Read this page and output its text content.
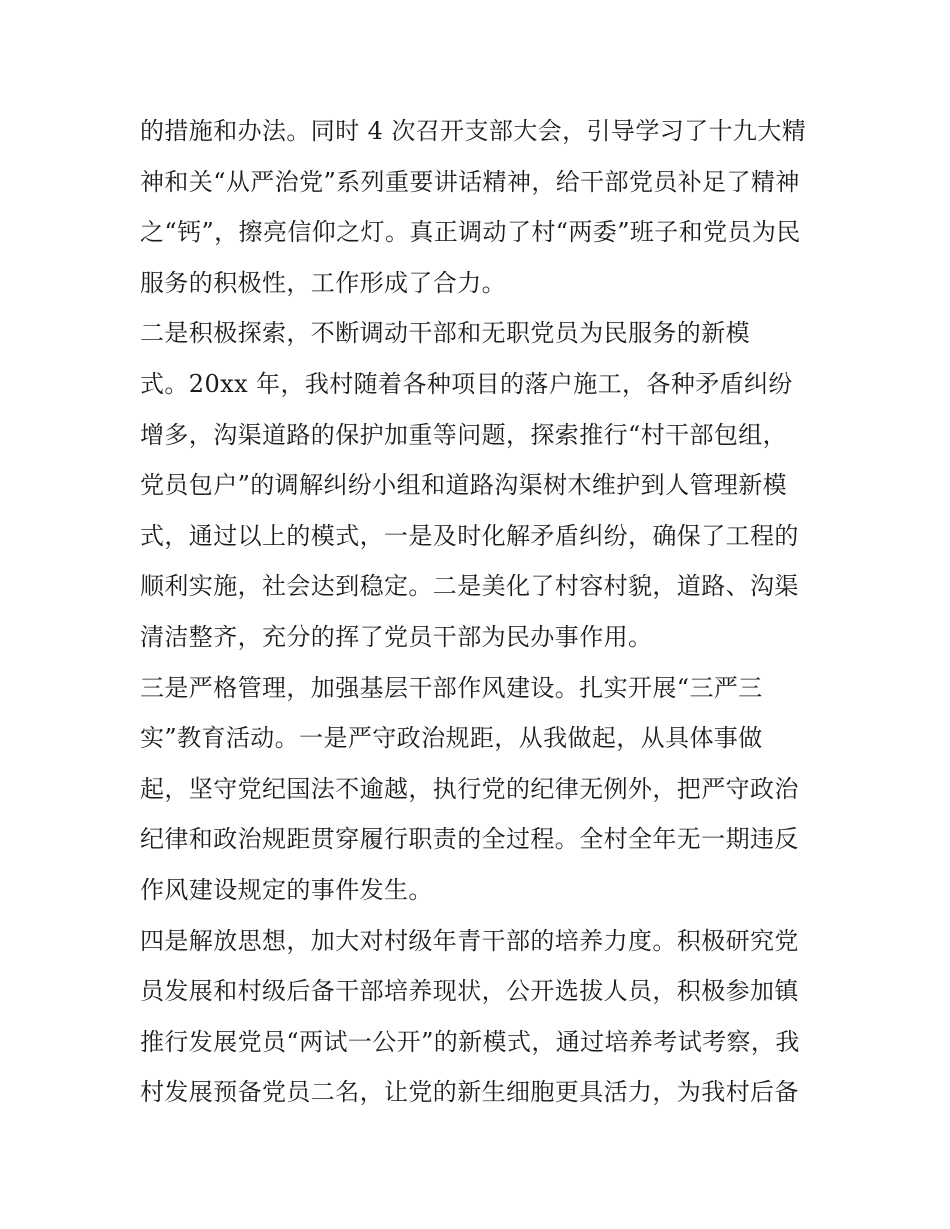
的措施和办法。同时 4 次召开支部大会，引导学习了十九大精
神和关“从严治党”系列重要讲话精神，给干部党员补足了精神
之“钙”，擦亮信仰之灯。真正调动了村“两委”班子和党员为民
服务的积极性，工作形成了合力。
二是积极探索，不断调动干部和无职党员为民服务的新模
式。20xx 年，我村随着各种项目的落户施工，各种矛盾纠纷
增多，沟渠道路的保护加重等问题，探索推行“村干部包组，
党员包户”的调解纠纷小组和道路沟渠树木维护到人管理新模
式，通过以上的模式，一是及时化解矛盾纠纷，确保了工程的
顺利实施，社会达到稳定。二是美化了村容村貌，道路、沟渠
清洁整齐，充分的挥了党员干部为民办事作用。
三是严格管理，加强基层干部作风建设。扎实开展“三严三
实”教育活动。一是严守政治规距，从我做起，从具体事做
起，坚守党纪国法不逾越，执行党的纪律无例外，把严守政治
纪律和政治规距贯穿履行职责的全过程。全村全年无一期违反
作风建设规定的事件发生。
四是解放思想，加大对村级年青干部的培养力度。积极研究党
员发展和村级后备干部培养现状，公开选拔人员，积极参加镇
推行发展党员“两试一公开”的新模式，通过培养考试考察，我
村发展预备党员二名，让党的新生细胞更具活力，为我村后备
